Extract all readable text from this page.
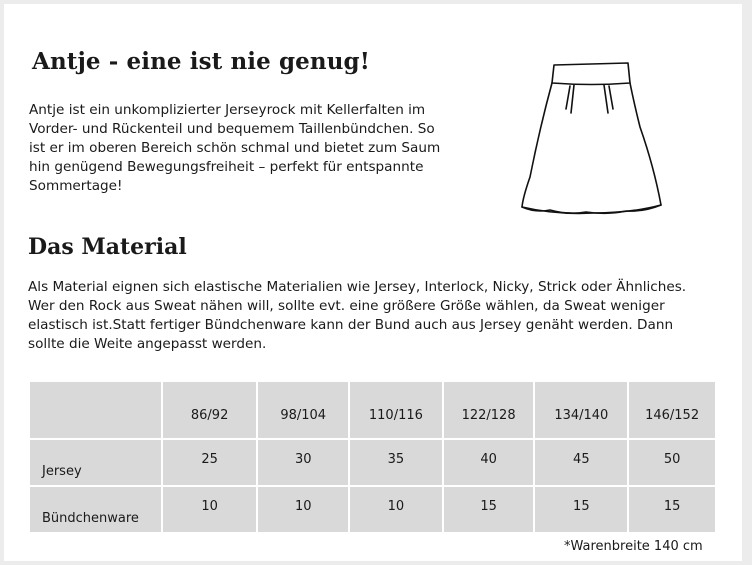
Antje - eine ist nie genug!

Antje ist ein unkomplizierter Jerseyrock mit Kellerfalten im
Vorder- und Rückenteil und bequemem Taillenbündchen. So
ist er im oberen Bereich schön schmal und bietet zum Saum
hin genügend Bewegungsfreiheit – perfekt für entspannte
Sommertage!

Das Material

Als Material eignen sich elastische Materialien wie Jersey, Interlock, Nicky, Strick oder Ähnliches.
Wer den Rock aus Sweat nähen will, sollte evt. eine größere Größe wählen, da Sweat weniger
elastisch ist.Statt fertiger Bündchenware kann der Bund auch aus Jersey genäht werden. Dann
sollte die Weite angepasst werden.

	86/92	98/104	110/116	122/128	134/140	146/152
Jersey	25	30	35	40	45	50
Bündchenware	10	10	10	15	15	15

*Warenbreite 140 cm
